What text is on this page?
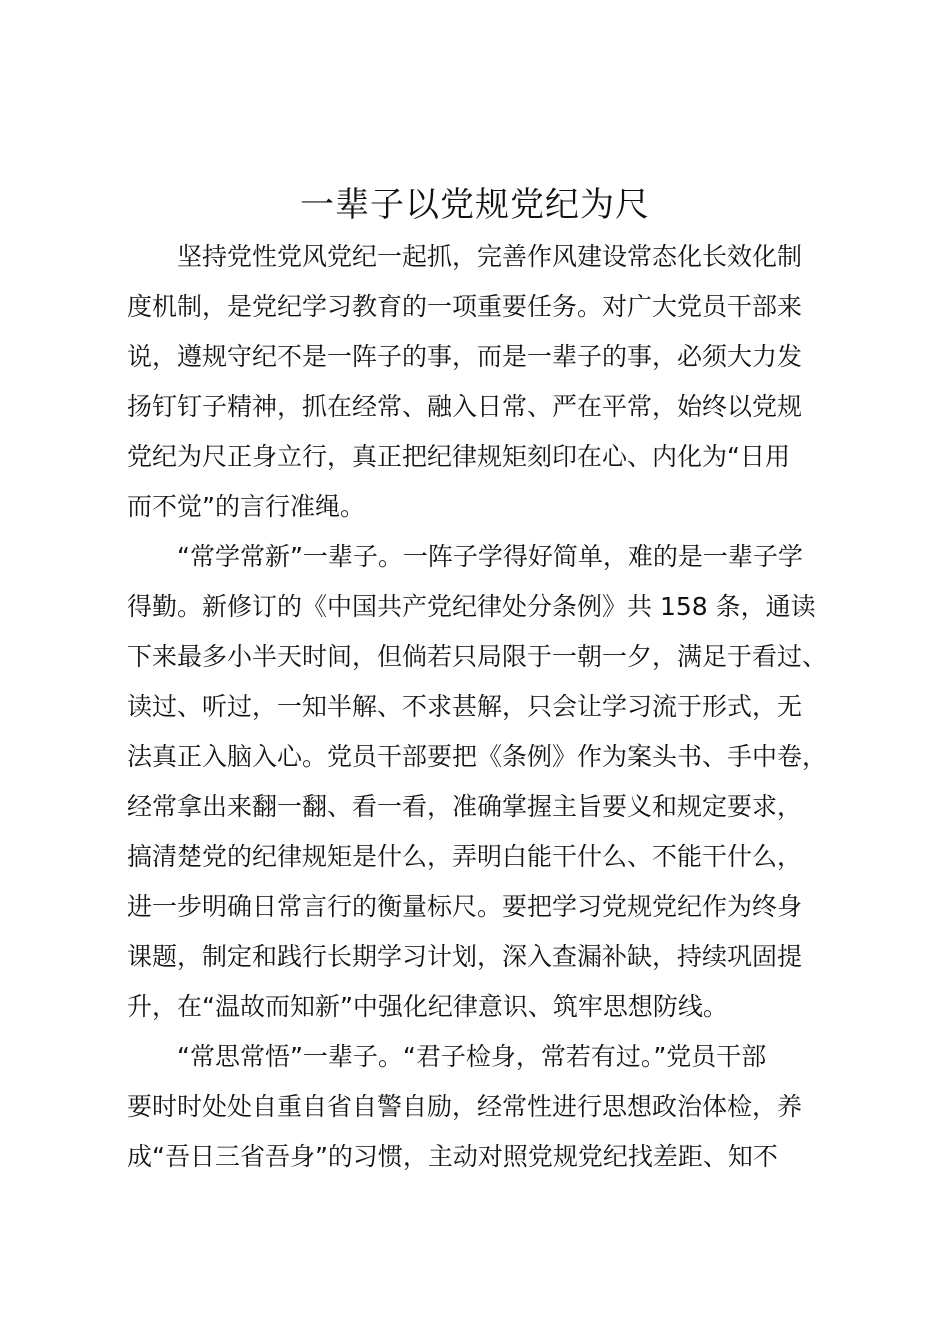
一辈子以党规党纪为尺
坚持党性党风党纪一起抓，完善作风建设常态化长效化制
度机制，是党纪学习教育的一项重要任务。对广大党员干部来
说，遵规守纪不是一阵子的事，而是一辈子的事，必须大力发
扬钉钉子精神，抓在经常、融入日常、严在平常，始终以党规
党纪为尺正身立行，真正把纪律规矩刻印在心、内化为“日用
而不觉”的言行准绳。
“常学常新”一辈子。一阵子学得好简单，难的是一辈子学
得勤。新修订的《中国共产党纪律处分条例》共 158 条，通读
下来最多小半天时间，但倘若只局限于一朝一夕，满足于看过、
读过、听过，一知半解、不求甚解，只会让学习流于形式，无
法真正入脑入心。党员干部要把《条例》作为案头书、手中卷，
经常拿出来翻一翻、看一看，准确掌握主旨要义和规定要求，
搞清楚党的纪律规矩是什么，弄明白能干什么、不能干什么，
进一步明确日常言行的衡量标尺。要把学习党规党纪作为终身
课题，制定和践行长期学习计划，深入查漏补缺，持续巩固提
升，在“温故而知新”中强化纪律意识、筑牢思想防线。
“常思常悟”一辈子。“君子检身，常若有过。”党员干部
要时时处处自重自省自警自励，经常性进行思想政治体检，养
成“吾日三省吾身”的习惯，主动对照党规党纪找差距、知不
